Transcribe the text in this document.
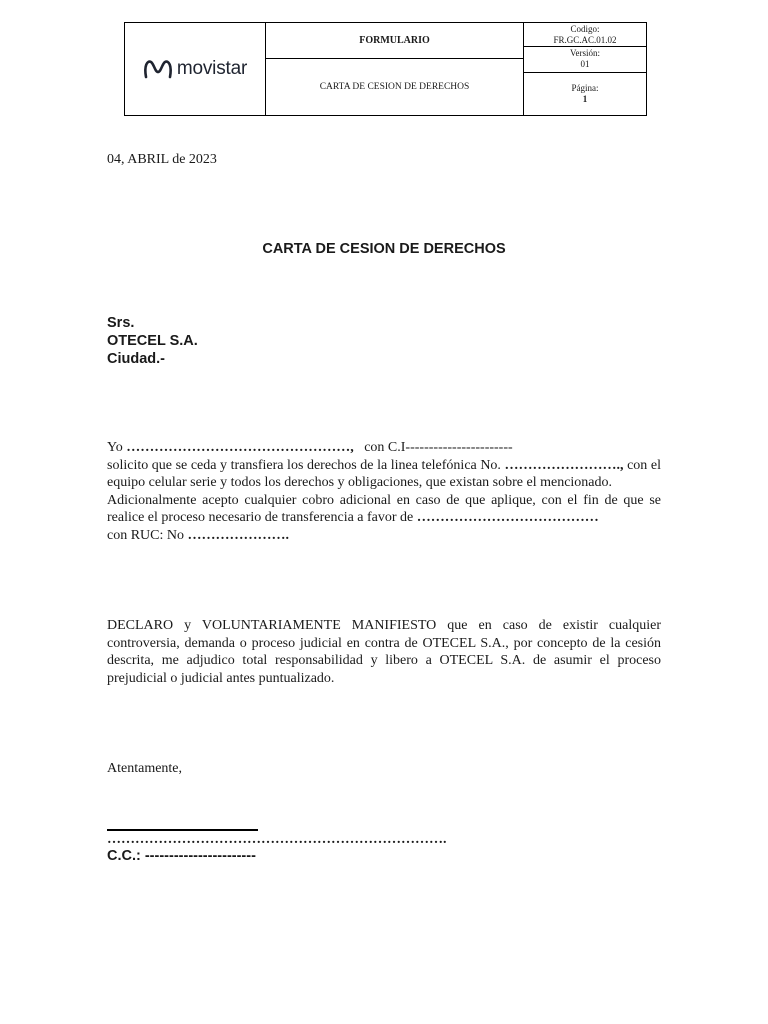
movistar
FORMULARIO
CARTA DE CESION DE DERECHOS
Codigo:
FR.GC.AC.01.02
Versión:
01
Página:
1
04, ABRIL de 2023
CARTA DE CESION DE DERECHOS
Srs.
OTECEL S.A.
Ciudad.-
Yo …………………………………………, con C.I-----------------------
solicito que se ceda y transfiera los derechos de la linea telefónica No. ……………………., con el equipo celular serie y todos los derechos y obligaciones, que existan sobre el mencionado.
Adicionalmente acepto cualquier cobro adicional en caso de que aplique, con el fin de que se realice el proceso necesario de transferencia a favor de …………………………………
con RUC: No ………………….
DECLARO y VOLUNTARIAMENTE MANIFIESTO que en caso de existir cualquier controversia, demanda o proceso judicial en contra de OTECEL S.A., por concepto de la cesión descrita, me adjudico total responsabilidad y libero a OTECEL S.A. de asumir el proceso prejudicial o judicial antes puntualizado.
Atentamente,
……………………………………………………………….
C.C.: -----------------------
